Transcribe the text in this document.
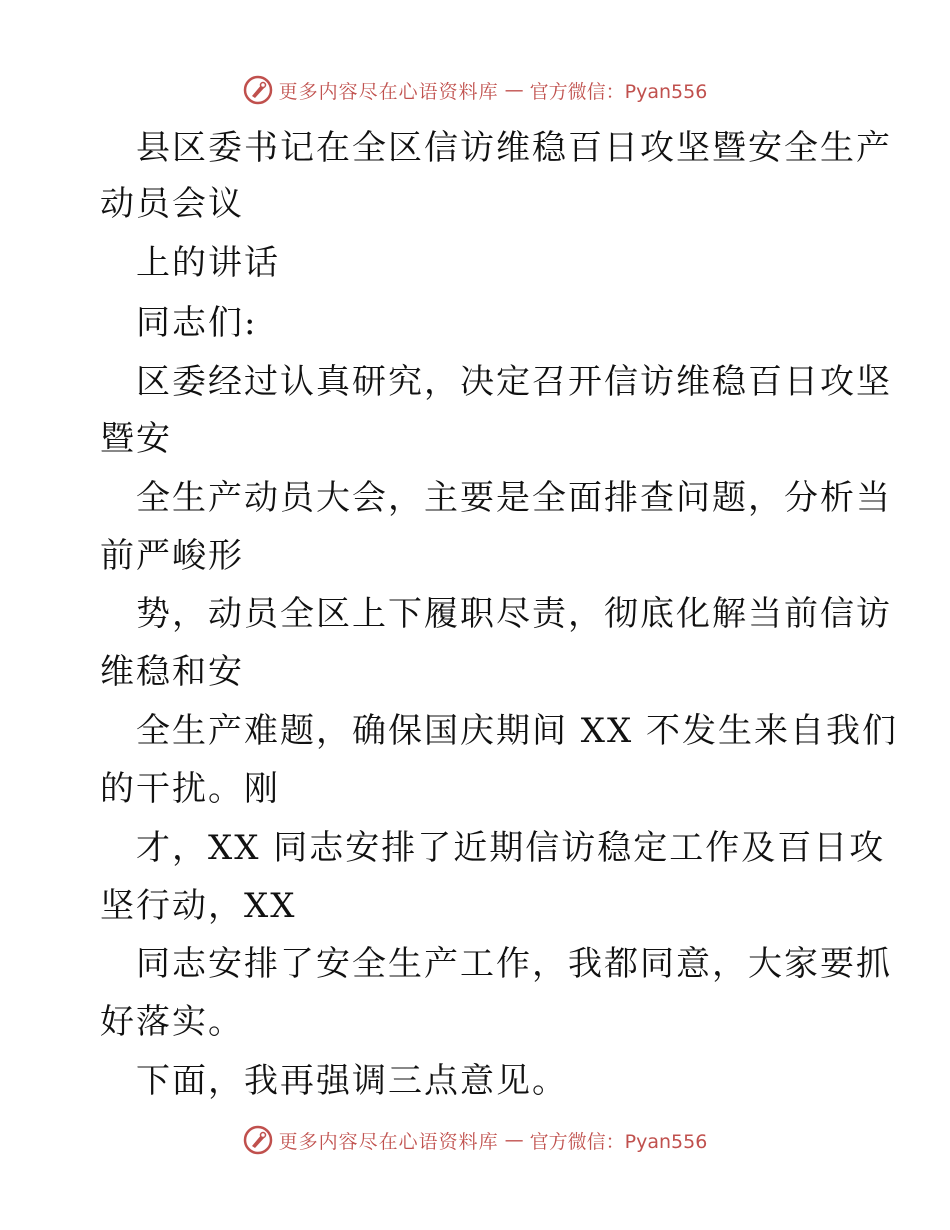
更多内容尽在心语资料库 — 官方微信：Pyan556
县区委书记在全区信访维稳百日攻坚暨安全生产
动员会议
上的讲话
同志们:
区委经过认真研究，决定召开信访维稳百日攻坚
暨安
全生产动员大会，主要是全面排查问题，分析当
前严峻形
势，动员全区上下履职尽责，彻底化解当前信访
维稳和安
全生产难题，确保国庆期间 XX 不发生来自我们
的干扰。刚
才，XX 同志安排了近期信访稳定工作及百日攻
坚行动，XX
同志安排了安全生产工作，我都同意，大家要抓
好落实。
下面，我再强调三点意见。
更多内容尽在心语资料库 — 官方微信：Pyan556
